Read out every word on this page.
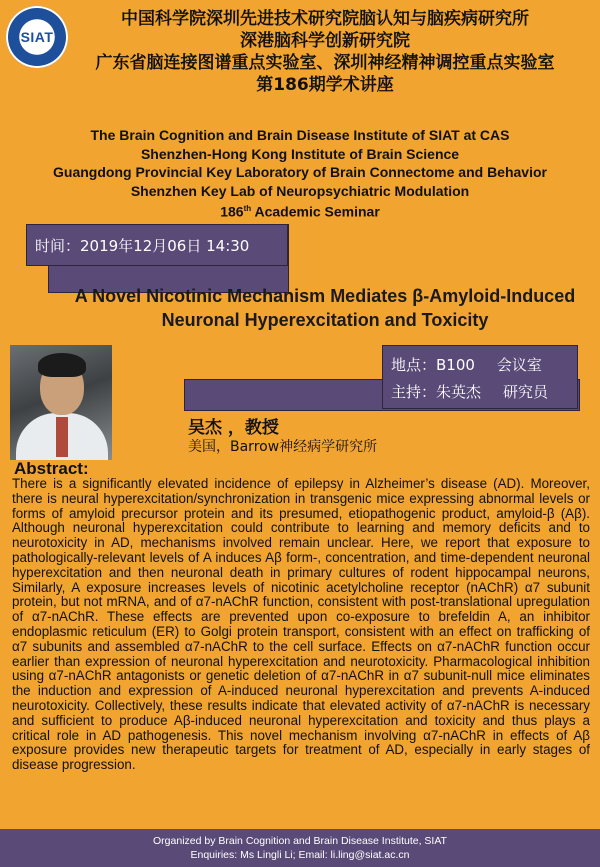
SIAT
中国科学院深圳先进技术研究院脑认知与脑疾病研究所
深港脑科学创新研究院
广东省脑连接图谱重点实验室、深圳神经精神调控重点实验室
第186期学术讲座
The Brain Cognition and Brain Disease Institute of SIAT at CAS
Shenzhen-Hong Kong Institute of Brain Science
Guangdong Provincial Key Laboratory of Brain Connectome and Behavior
Shenzhen Key Lab of Neuropsychiatric Modulation
186th Academic Seminar
时间：2019年12月06日 14:30
A Novel Nicotinic Mechanism Mediates β-Amyloid-Induced Neuronal Hyperexcitation and Toxicity
地点：B100 会议室
主持：朱英杰 研究员
吴杰 ，教授
美国，Barrow神经病学研究所
Abstract:
There is a significantly elevated incidence of epilepsy in Alzheimer’s disease (AD). Moreover, there is neural hyperexcitation/synchronization in transgenic mice expressing abnormal levels or forms of amyloid precursor protein and its presumed, etiopathogenic product, amyloid-β (Aβ). Although neuronal hyperexcitation could contribute to learning and memory deficits and to neurotoxicity in AD, mechanisms involved remain unclear. Here, we report that exposure to pathologically-relevant levels of A induces Aβ form-, concentration, and time-dependent neuronal hyperexcitation and then neuronal death in primary cultures of rodent hippocampal neurons, Similarly, A exposure increases levels of nicotinic acetylcholine receptor (nAChR) α7 subunit protein, but not mRNA, and of α7-nAChR function, consistent with post-translational upregulation of α7-nAChR. These effects are prevented upon co-exposure to brefeldin A, an inhibitor endoplasmic reticulum (ER) to Golgi protein transport, consistent with an effect on trafficking of α7 subunits and assembled α7-nAChR to the cell surface. Effects on α7-nAChR function occur earlier than expression of neuronal hyperexcitation and neurotoxicity. Pharmacological inhibition using α7-nAChR antagonists or genetic deletion of α7-nAChR in α7 subunit-null mice eliminates the induction and expression of A-induced neuronal hyperexcitation and prevents A-induced neurotoxicity. Collectively, these results indicate that elevated activity of α7-nAChR is necessary and sufficient to produce Aβ-induced neuronal hyperexcitation and toxicity and thus plays a critical role in AD pathogenesis. This novel mechanism involving α7-nAChR in effects of Aβ exposure provides new therapeutic targets for treatment of AD, especially in early stages of disease progression.
Organized by Brain Cognition and Brain Disease Institute, SIAT
Enquiries: Ms Lingli Li; Email: li.ling@siat.ac.cn
